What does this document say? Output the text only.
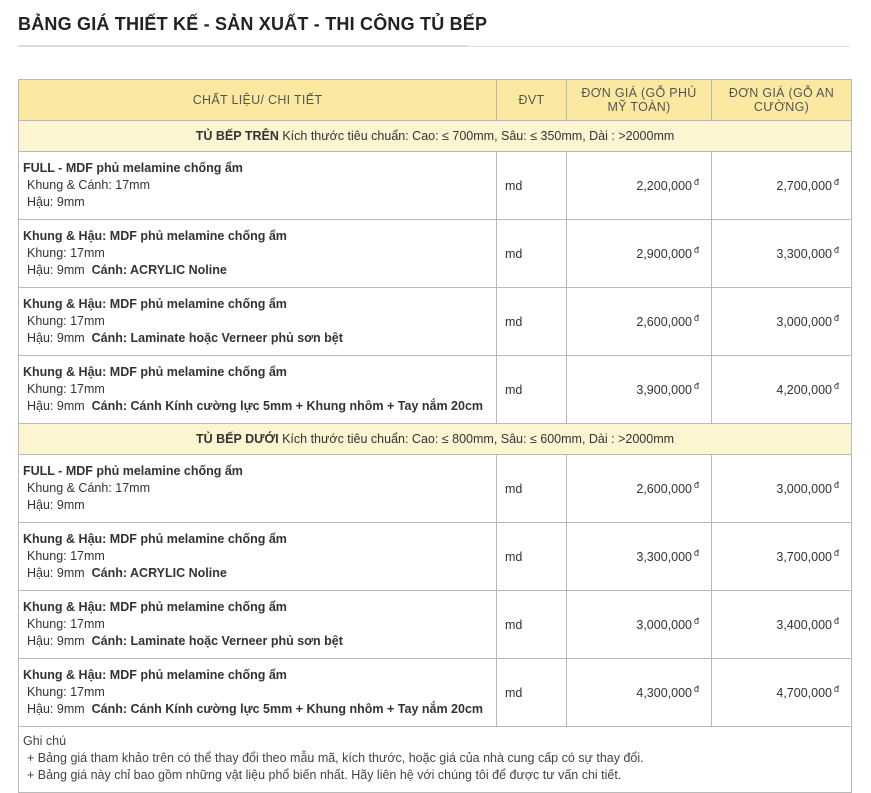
BẢNG GIÁ THIẾT KẾ - SẢN XUẤT - THI CÔNG TỦ BẾP
CHẤT LIỆU/ CHI TIẾT	ĐVT	ĐƠN GIÁ (GỖ PHÚ MỸ TOÀN)	ĐƠN GIÁ (GỖ AN CƯỜNG)
TỦ BẾP TRÊN Kích thước tiêu chuẩn: Cao: ≤ 700mm, Sâu: ≤ 350mm, Dài : >2000mm			

FULL - MDF phủ melamine chống ẩm
Khung & Cánh: 17mm
Hậu: 9mm	md	2,200,000 $^đ$	2,700,000 $^đ$

Khung & Hậu: MDF phủ melamine chống ẩm
Khung: 17mm
Hậu: 9mm Cánh: ACRYLIC Noline	md	2,900,000 $^đ$	3,300,000 $^đ$

Khung & Hậu: MDF phủ melamine chống ẩm
Khung: 17mm
Hậu: 9mm Cánh: Laminate hoặc Verneer phủ sơn bệt	md	2,600,000 $^đ$	3,000,000 $^đ$

Khung & Hậu: MDF phủ melamine chống ẩm
Khung: 17mm
Hậu: 9mm Cánh: Cánh Kính cường lực 5mm + Khung nhôm + Tay nắm 20cm	md	3,900,000 $^đ$	4,200,000 $^đ$
TỦ BẾP DƯỚI Kích thước tiêu chuẩn: Cao: ≤ 800mm, Sâu: ≤ 600mm, Dài : >2000mm			

FULL - MDF phủ melamine chống ẩm
Khung & Cánh: 17mm
Hậu: 9mm	md	2,600,000 $^đ$	3,000,000 $^đ$

Khung & Hậu: MDF phủ melamine chống ẩm
Khung: 17mm
Hậu: 9mm Cánh: ACRYLIC Noline	md	3,300,000 $^đ$	3,700,000 $^đ$

Khung & Hậu: MDF phủ melamine chống ẩm
Khung: 17mm
Hậu: 9mm Cánh: Laminate hoặc Verneer phủ sơn bệt	md	3,000,000 $^đ$	3,400,000 $^đ$

Khung & Hậu: MDF phủ melamine chống ẩm
Khung: 17mm
Hậu: 9mm Cánh: Cánh Kính cường lực 5mm + Khung nhôm + Tay nắm 20cm	md	4,300,000 $^đ$	4,700,000 $^đ$

Ghi chú
+ Bảng giá tham khảo trên có thể thay đổi theo mẫu mã, kích thước, hoặc giá của nhà cung cấp có sự thay đổi.
+ Bảng giá này chỉ bao gồm những vật liệu phổ biến nhất. Hãy liên hệ với chúng tôi để được tư vấn chi tiết.			
